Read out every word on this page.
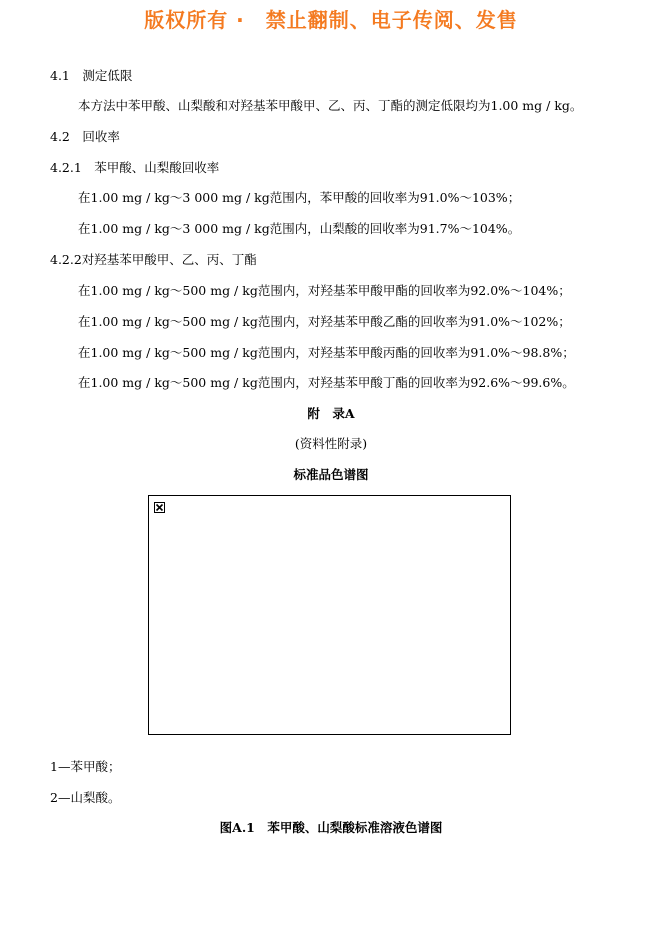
版权所有 ·　禁止翻制、电子传阅、发售
4.1　测定低限
本方法中苯甲酸、山梨酸和对羟基苯甲酸甲、乙、丙、丁酯的测定低限均为1.00 mg / kg。
4.2　回收率
4.2.1　苯甲酸、山梨酸回收率
在1.00 mg / kg～3 000 mg / kg范围内，苯甲酸的回收率为91.0%～103%；
在1.00 mg / kg～3 000 mg / kg范围内，山梨酸的回收率为91.7%～104%。
4.2.2对羟基苯甲酸甲、乙、丙、丁酯
在1.00 mg / kg～500 mg / kg范围内，对羟基苯甲酸甲酯的回收率为92.0%～104%；
在1.00 mg / kg～500 mg / kg范围内，对羟基苯甲酸乙酯的回收率为91.0%～102%；
在1.00 mg / kg～500 mg / kg范围内，对羟基苯甲酸丙酯的回收率为91.0%～98.8%；
在1.00 mg / kg～500 mg / kg范围内，对羟基苯甲酸丁酯的回收率为92.6%～99.6%。
附　录A
(资料性附录)
标准品色谱图
1—苯甲酸；
2—山梨酸。
图A.1　苯甲酸、山梨酸标准溶液色谱图
